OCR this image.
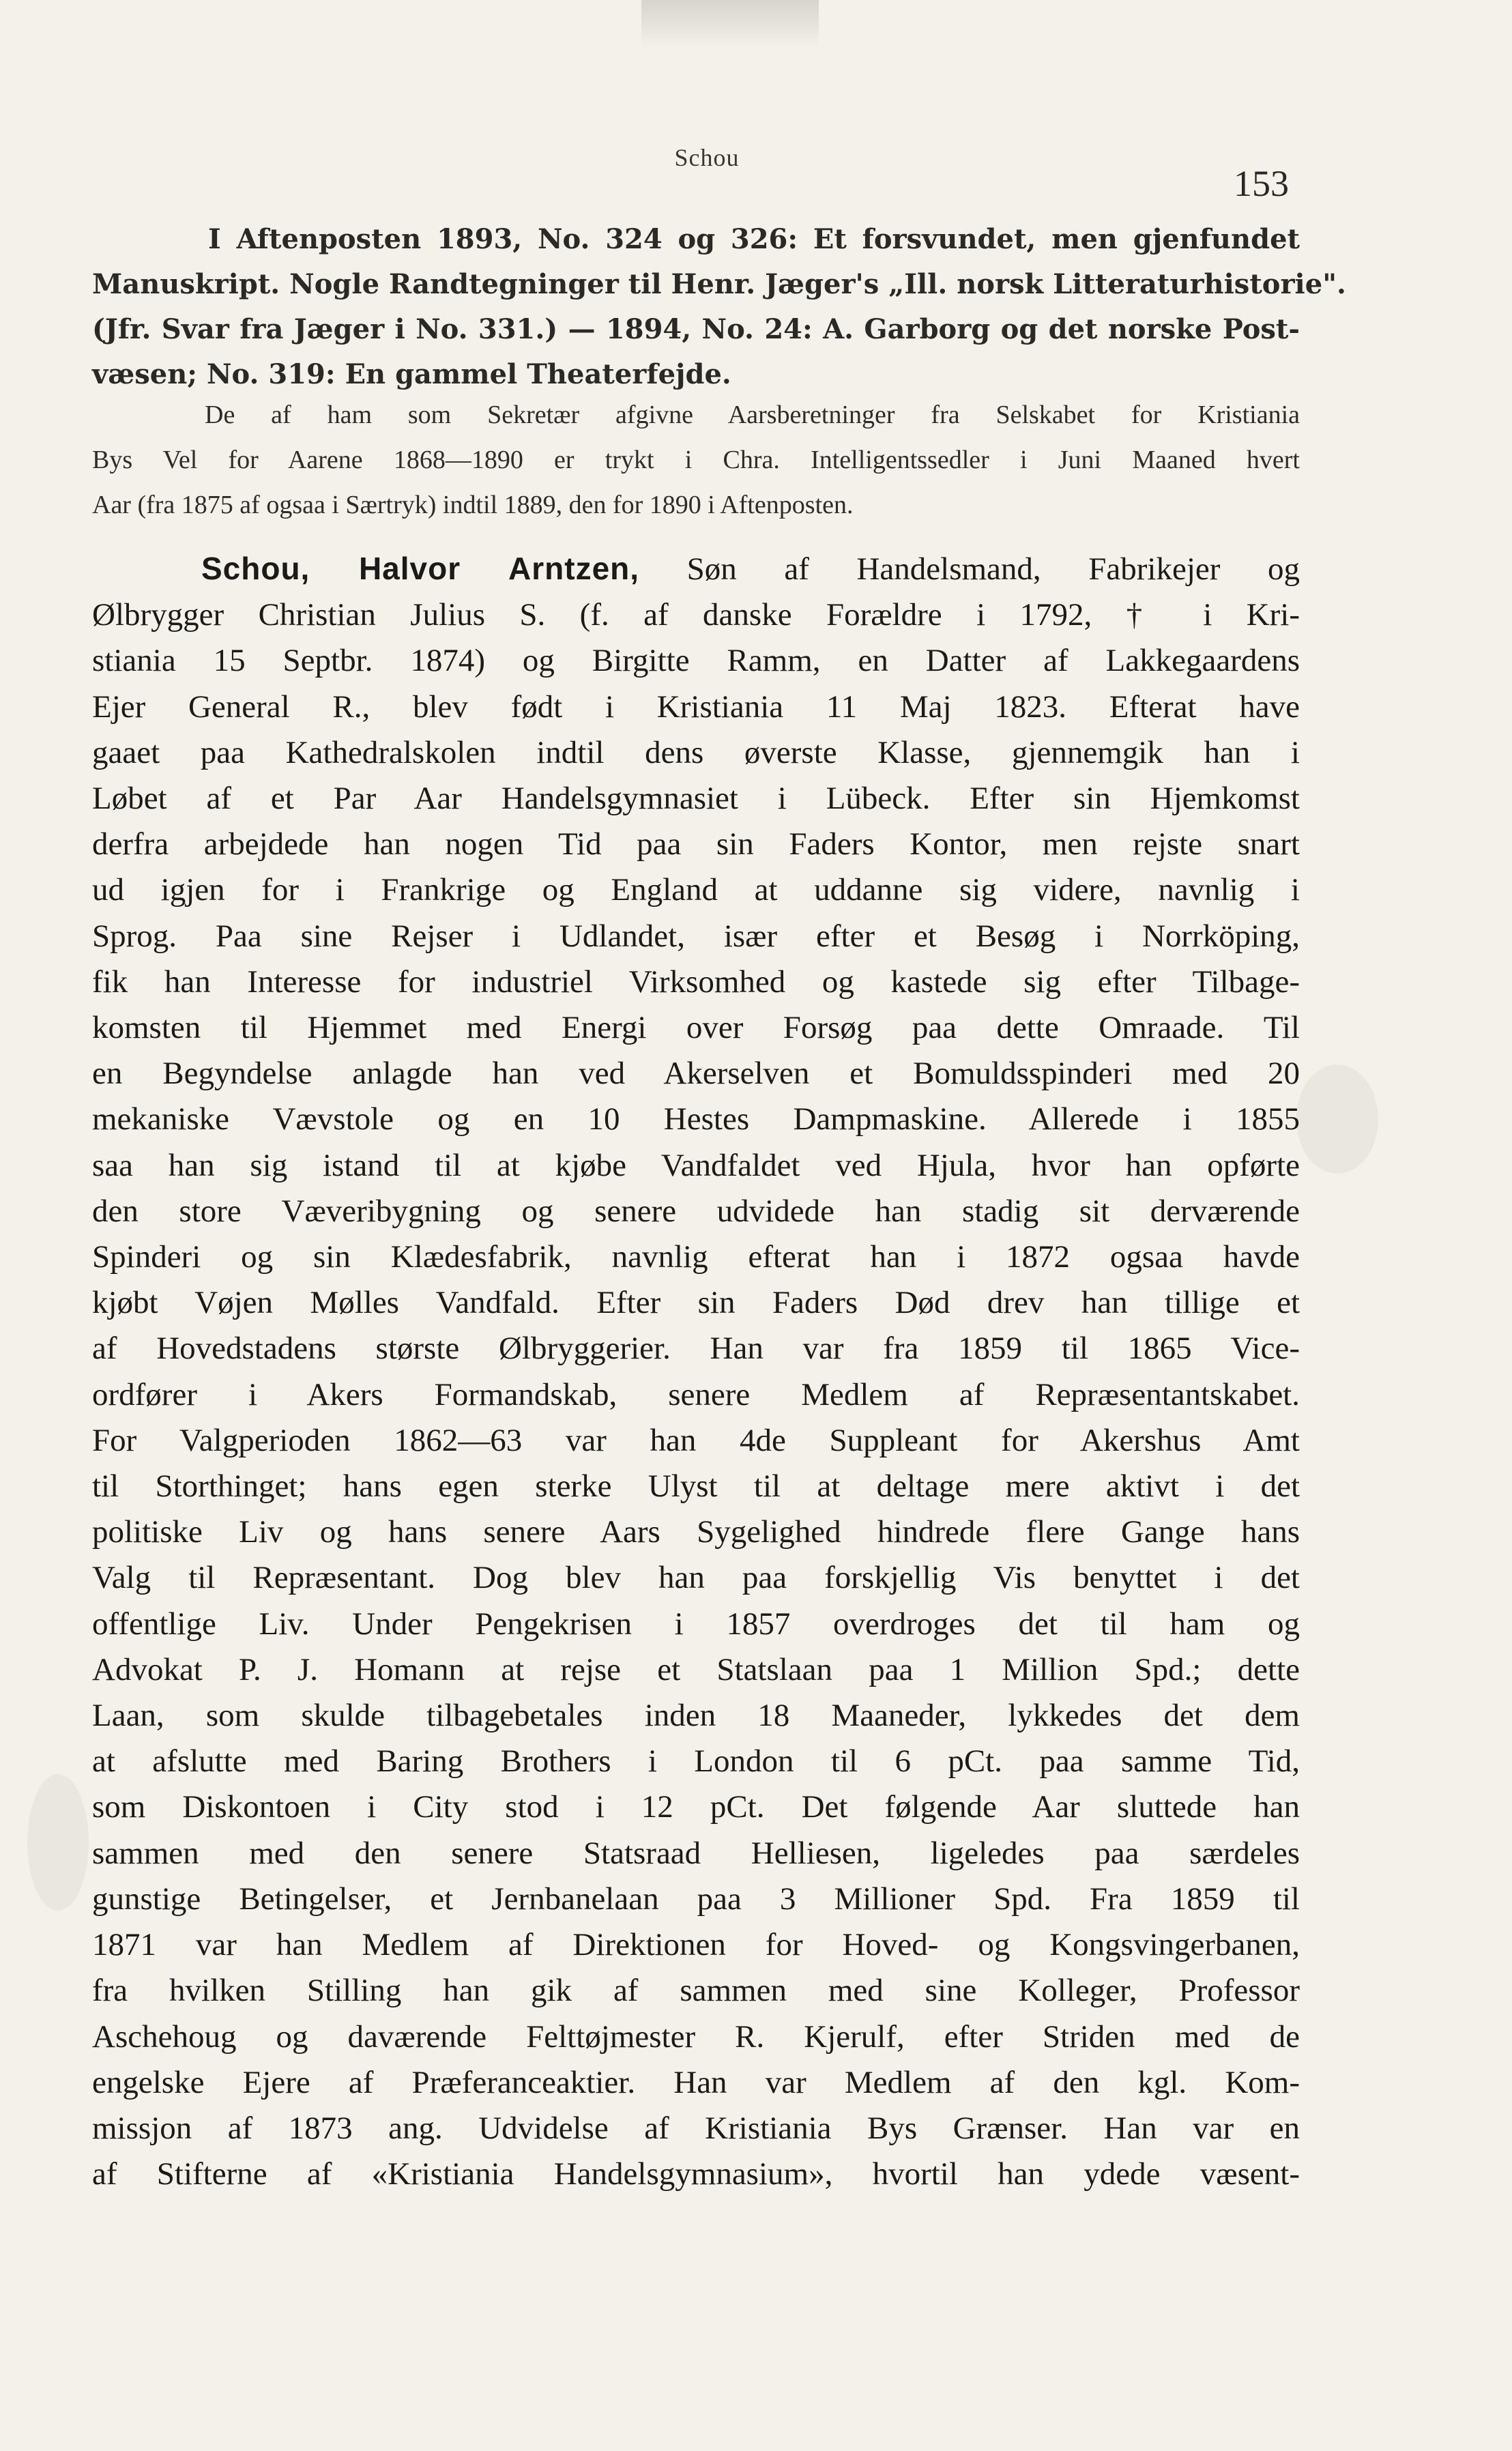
Schou
153
I Aftenposten 1893, No. 324 og 326: Et forsvundet, men gjenfundet
Manuskript. Nogle Randtegninger til Henr. Jæger's „Ill. norsk Litteraturhistorie".
(Jfr. Svar fra Jæger i No. 331.) — 1894, No. 24: A. Garborg og det norske Post-
væsen; No. 319: En gammel Theaterfejde.
De af ham som Sekretær afgivne Aarsberetninger fra Selskabet for Kristiania
Bys Vel for Aarene 1868—1890 er trykt i Chra. Intelligentssedler i Juni Maaned hvert
Aar (fra 1875 af ogsaa i Særtryk) indtil 1889, den for 1890 i Aftenposten.
Schou, Halvor Arntzen, Søn af Handelsmand, Fabrikejer og
Ølbrygger Christian Julius S. (f. af danske Forældre i 1792, † i Kri-
stiania 15 Septbr. 1874) og Birgitte Ramm, en Datter af Lakkegaardens
Ejer General R., blev født i Kristiania 11 Maj 1823. Efterat have
gaaet paa Kathedralskolen indtil dens øverste Klasse, gjennemgik han i
Løbet af et Par Aar Handelsgymnasiet i Lübeck. Efter sin Hjemkomst
derfra arbejdede han nogen Tid paa sin Faders Kontor, men rejste snart
ud igjen for i Frankrige og England at uddanne sig videre, navnlig i
Sprog. Paa sine Rejser i Udlandet, især efter et Besøg i Norrköping,
fik han Interesse for industriel Virksomhed og kastede sig efter Tilbage-
komsten til Hjemmet med Energi over Forsøg paa dette Omraade. Til
en Begyndelse anlagde han ved Akerselven et Bomuldsspinderi med 20
mekaniske Vævstole og en 10 Hestes Dampmaskine. Allerede i 1855
saa han sig istand til at kjøbe Vandfaldet ved Hjula, hvor han opførte
den store Væveribygning og senere udvidede han stadig sit derværende
Spinderi og sin Klædesfabrik, navnlig efterat han i 1872 ogsaa havde
kjøbt Vøjen Mølles Vandfald. Efter sin Faders Død drev han tillige et
af Hovedstadens største Ølbryggerier. Han var fra 1859 til 1865 Vice-
ordfører i Akers Formandskab, senere Medlem af Repræsentantskabet.
For Valgperioden 1862—63 var han 4de Suppleant for Akershus Amt
til Storthinget; hans egen sterke Ulyst til at deltage mere aktivt i det
politiske Liv og hans senere Aars Sygelighed hindrede flere Gange hans
Valg til Repræsentant. Dog blev han paa forskjellig Vis benyttet i det
offentlige Liv. Under Pengekrisen i 1857 overdroges det til ham og
Advokat P. J. Homann at rejse et Statslaan paa 1 Million Spd.; dette
Laan, som skulde tilbagebetales inden 18 Maaneder, lykkedes det dem
at afslutte med Baring Brothers i London til 6 pCt. paa samme Tid,
som Diskontoen i City stod i 12 pCt. Det følgende Aar sluttede han
sammen med den senere Statsraad Helliesen, ligeledes paa særdeles
gunstige Betingelser, et Jernbanelaan paa 3 Millioner Spd. Fra 1859 til
1871 var han Medlem af Direktionen for Hoved- og Kongsvingerbanen,
fra hvilken Stilling han gik af sammen med sine Kolleger, Professor
Aschehoug og daværende Felttøjmester R. Kjerulf, efter Striden med de
engelske Ejere af Præferanceaktier. Han var Medlem af den kgl. Kom-
missjon af 1873 ang. Udvidelse af Kristiania Bys Grænser. Han var en
af Stifterne af «Kristiania Handelsgymnasium», hvortil han ydede væsent-
